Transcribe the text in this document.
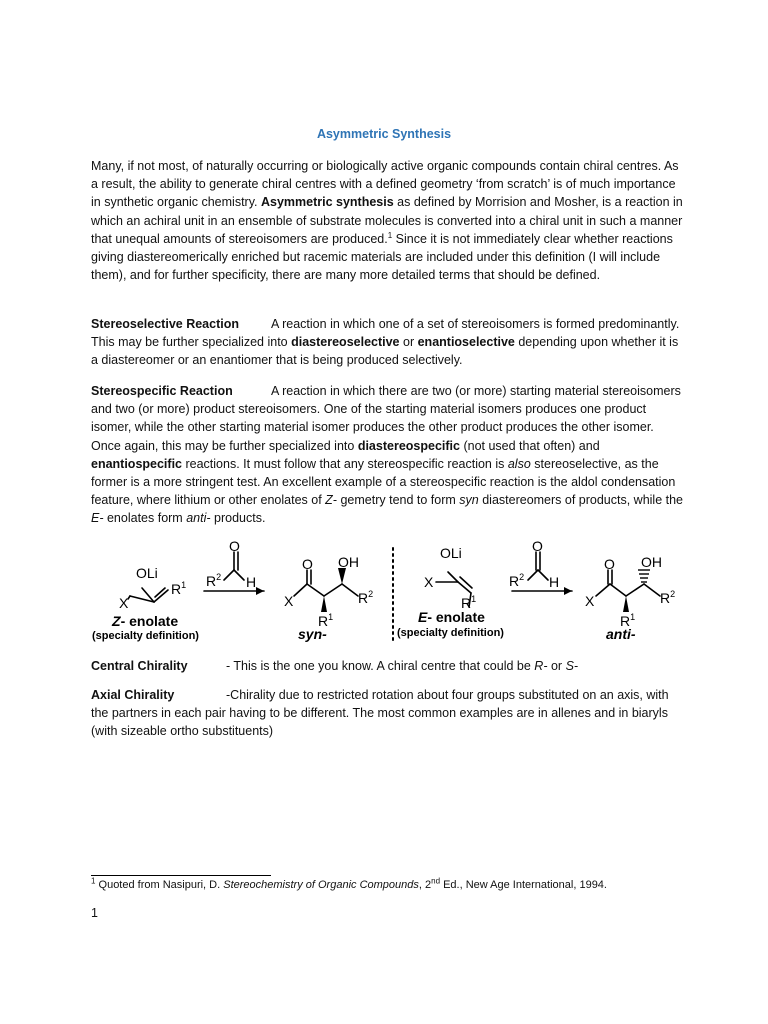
Asymmetric Synthesis

Many, if not most, of naturally occurring or biologically active organic compounds contain chiral centres. As a result, the ability to generate chiral centres with a defined geometry ‘from scratch’ is of much importance in synthetic organic chemistry. Asymmetric synthesis as defined by Morrision and Mosher, is a reaction in which an achiral unit in an ensemble of substrate molecules is converted into a chiral unit in such a manner that unequal amounts of stereoisomers are produced.$^1$ Since it is not immediately clear whether reactions giving diastereomerically enriched but racemic materials are included under this definition (I will include them), and for further specificity, there are many more detailed terms that should be defined.

Stereoselective Reaction	A reaction in which one of a set of stereoisomers is formed predominantly. This may be further specialized into diastereoselective or enantioselective depending upon whether it is a diastereomer or an enantiomer that is being produced selectively.

Stereospecific Reaction	A reaction in which there are two (or more) starting material stereoisomers and two (or more) product stereoisomers. One of the starting material isomers produces one product isomer, while the other starting material isomer produces the other product produces the other isomer. Once again, this may be further specialized into diastereospecific (not used that often) and enantiospecific reactions. It must follow that any stereospecific reaction is also stereoselective, as the former is a more stringent test. An excellent example of a stereospecific reaction is the aldol condensation feature, where lithium or other enolates of Z- gemetry tend to form syn diastereomers of products, while the E- enolates form anti- products.

OLi
X
$R^1$
Z- enolate
(specialty definition)
O
$R^2$ H
O
X
OH
$R^1$
$R^2$
syn-
OLi
X
$R^1$
E- enolate
(specialty definition)
O
$R^2$ H
O
X
OH
$R^1$
$R^2$
anti-

Central Chirality	- This is the one you know. A chiral centre that could be R- or S-

Axial Chirality	-Chirality due to restricted rotation about four groups substituted on an axis, with the partners in each pair having to be different. The most common examples are in allenes and in biaryls (with sizeable ortho substituents)

$^1$ Quoted from Nasipuri, D. Stereochemistry of Organic Compounds, 2nd Ed., New Age International, 1994.
1
